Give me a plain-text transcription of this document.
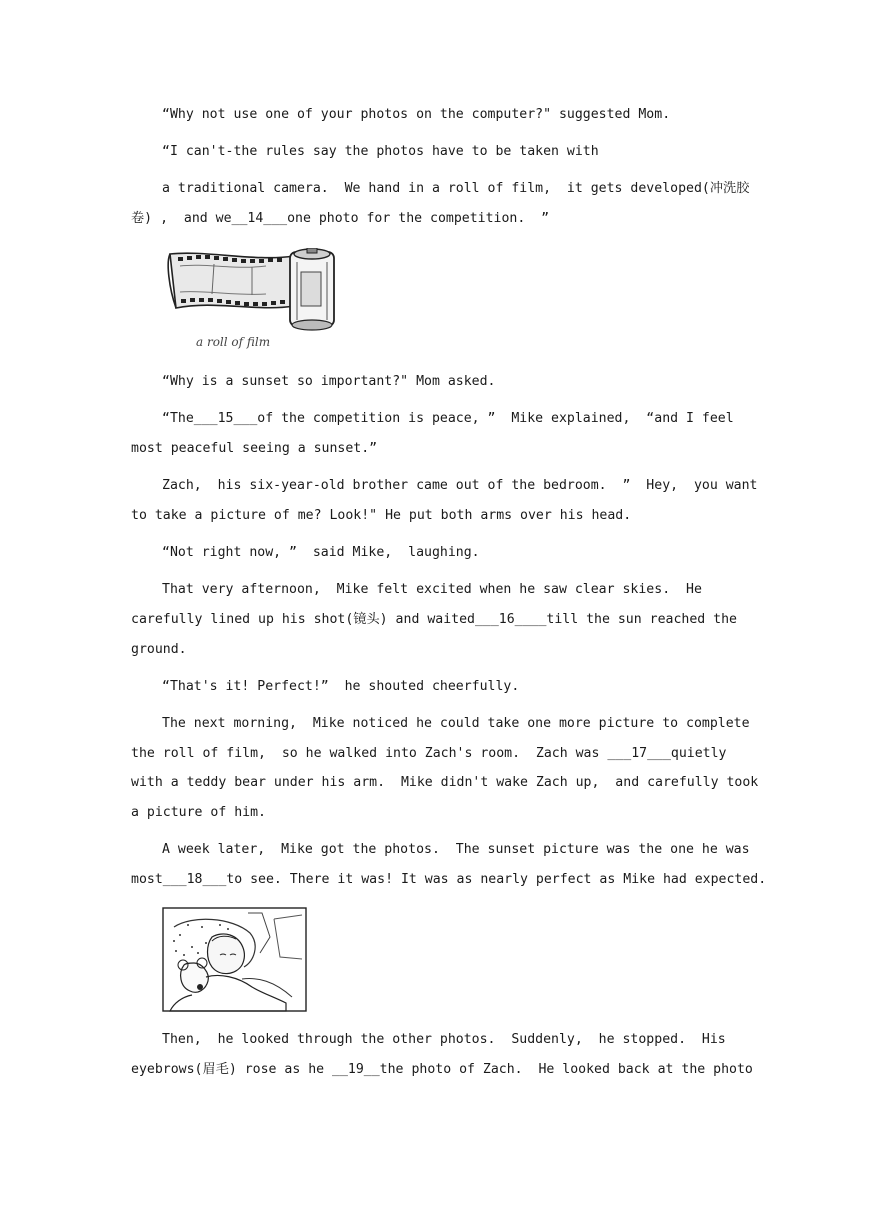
“Why not use one of your photos on the computer?" suggested Mom.
“I can't-the rules say the photos have to be taken with
a traditional camera.  We hand in a roll of film,  it gets developed(冲洗胶
卷) ,  and we__14___one photo for the competition.  ”
a roll of film
“Why is a sunset so important?" Mom asked.
“The___15___of the competition is peace, ”  Mike explained,  “and I feel
most peaceful seeing a sunset.”
Zach,  his six-year-old brother came out of the bedroom.  ”  Hey,  you want
to take a picture of me? Look!" He put both arms over his head.
“Not right now, ”  said Mike,  laughing.
That very afternoon,  Mike felt excited when he saw clear skies.  He
carefully lined up his shot(镜头) and waited___16____till the sun reached the
ground.
“That's it! Perfect!”  he shouted cheerfully.
The next morning,  Mike noticed he could take one more picture to complete
the roll of film,  so he walked into Zach's room.  Zach was ___17___quietly
with a teddy bear under his arm.  Mike didn't wake Zach up,  and carefully took
a picture of him.
A week later,  Mike got the photos.  The sunset picture was the one he was
most___18___to see. There it was! It was as nearly perfect as Mike had expected.
Then,  he looked through the other photos.  Suddenly,  he stopped.  His
eyebrows(眉毛) rose as he __19__the photo of Zach.  He looked back at the photo
